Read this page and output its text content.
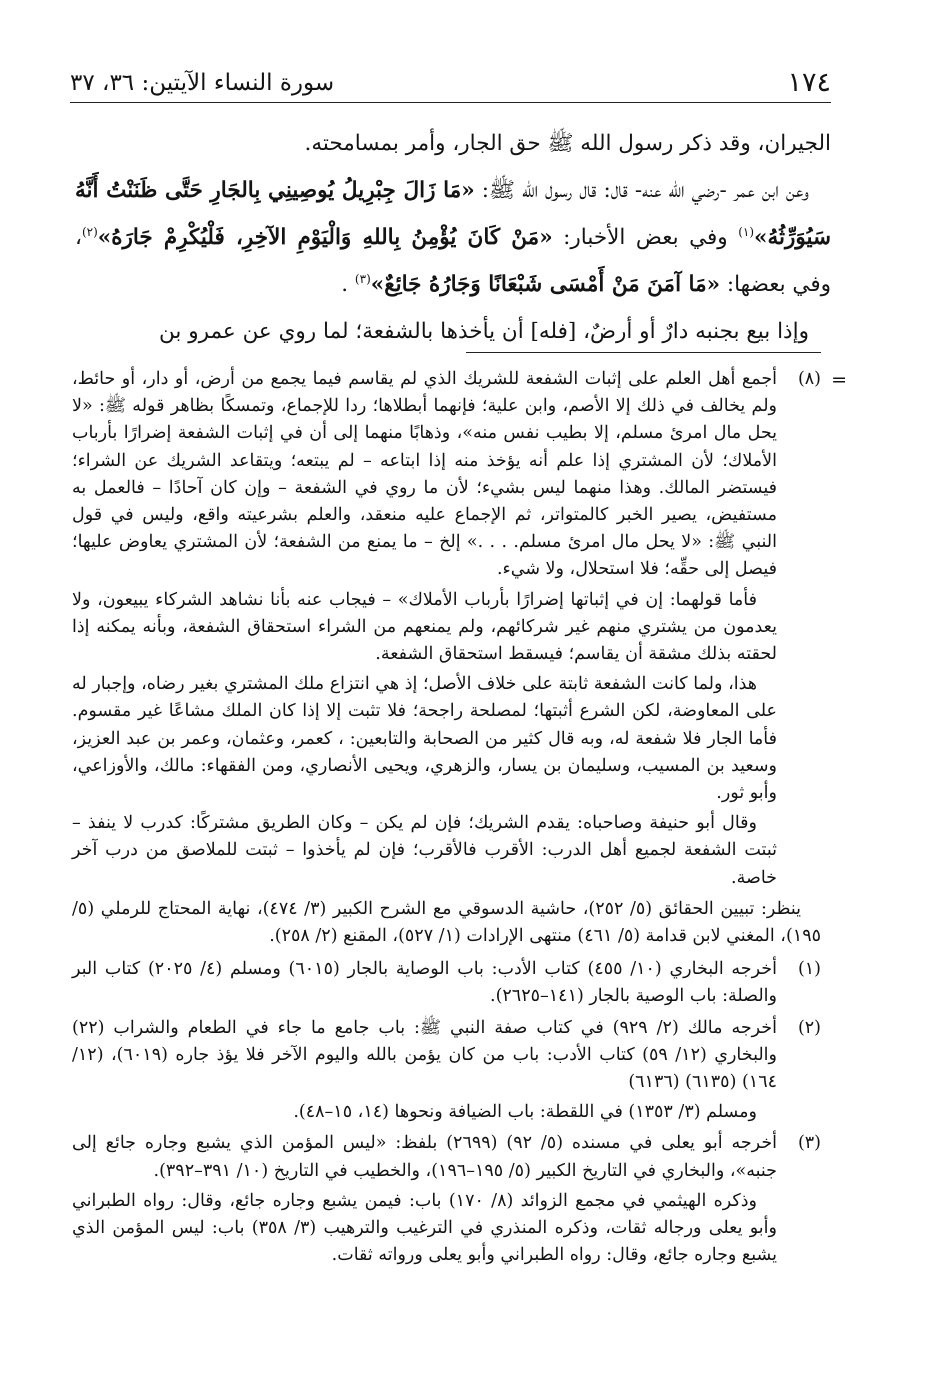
١٧٤
سورة النساء الآيتين: ٣٦، ٣٧

الجيران، وقد ذكر رسول الله ﷺ حق الجار، وأمر بمسامحته.

وعن ابن عمر -رضي الله عنه- قال: قال رسول الله ﷺ: «مَا زَالَ جِبْرِيلُ يُوصِينِي بِالجَارِ حَتَّى ظَنَنْتُ أَنَّهُ سَيُوَرِّثُهُ»$^{(١)}$ وفي بعض الأخبار: «مَنْ كَانَ يُؤْمِنُ بِاللهِ وَالْيَوْمِ الآخِرِ، فَلْيُكْرِمْ جَارَهُ»$^{(٢)}$، وفي بعضها: «مَا آمَنَ مَنْ أَمْسَى شَبْعَانًا وَجَارُهُ جَائِعٌ»$^{(٣)}$ .

وإذا بيع بجنبه دارٌ أو أرضٌ، [فله] أن يأخذها بالشفعة؛ لما روي عن عمرو بن

=
(٨)

أجمع أهل العلم على إثبات الشفعة للشريك الذي لم يقاسم فيما يجمع من أرض، أو دار، أو حائط، ولم يخالف في ذلك إلا الأصم، وابن علية؛ فإنهما أبطلاها؛ ردا للإجماع، وتمسكًا بظاهر قوله ﷺ: «لا يحل مال امرئ مسلم، إلا بطيب نفس منه»، وذهابًا منهما إلى أن في إثبات الشفعة إضرارًا بأرباب الأملاك؛ لأن المشتري إذا علم أنه يؤخذ منه إذا ابتاعه – لم يبتعه؛ ويتقاعد الشريك عن الشراء؛ فيستضر المالك. وهذا منهما ليس بشيء؛ لأن ما روي في الشفعة – وإن كان آحادًا – فالعمل به مستفيض، يصير الخبر كالمتواتر، ثم الإجماع عليه منعقد، والعلم بشرعيته واقع، وليس في قول النبي ﷺ: «لا يحل مال امرئ مسلم. . . .» إلخ – ما يمنع من الشفعة؛ لأن المشتري يعاوض عليها؛ فيصل إلى حقِّه؛ فلا استحلال، ولا شيء.

فأما قولهما: إن في إثباتها إضرارًا بأرباب الأملاك» – فيجاب عنه بأنا نشاهد الشركاء يبيعون، ولا يعدمون من يشتري منهم غير شركائهم، ولم يمنعهم من الشراء استحقاق الشفعة، وبأنه يمكنه إذا لحقته بذلك مشقة أن يقاسم؛ فيسقط استحقاق الشفعة.

هذا، ولما كانت الشفعة ثابتة على خلاف الأصل؛ إذ هي انتزاع ملك المشتري بغير رضاه، وإجبار له على المعاوضة، لكن الشرع أثبتها؛ لمصلحة راجحة؛ فلا تثبت إلا إذا كان الملك مشاعًا غير مقسوم. فأما الجار فلا شفعة له، وبه قال كثير من الصحابة والتابعين: ، كعمر، وعثمان، وعمر بن عبد العزيز، وسعيد بن المسيب، وسليمان بن يسار، والزهري، ويحيى الأنصاري، ومن الفقهاء: مالك، والأوزاعي، وأبو ثور.

وقال أبو حنيفة وصاحباه: يقدم الشريك؛ فإن لم يكن – وكان الطريق مشتركًا: كدرب لا ينفذ – ثبتت الشفعة لجميع أهل الدرب: الأقرب فالأقرب؛ فإن لم يأخذوا – ثبتت للملاصق من درب آخر خاصة.

ينظر: تبيين الحقائق (٥/ ٢٥٢)، حاشية الدسوقي مع الشرح الكبير (٣/ ٤٧٤)، نهاية المحتاج للرملي (٥/ ١٩٥)، المغني لابن قدامة (٥/ ٤٦١) منتهى الإرادات (١/ ٥٢٧)، المقنع (٢/ ٢٥٨).

(١)

أخرجه البخاري (١٠/ ٤٥٥) كتاب الأدب: باب الوصاية بالجار (٦٠١٥) ومسلم (٤/ ٢٠٢٥) كتاب البر والصلة: باب الوصية بالجار (١٤١–٢٦٢٥).

(٢)

أخرجه مالك (٢/ ٩٢٩) في كتاب صفة النبي ﷺ: باب جامع ما جاء في الطعام والشراب (٢٢) والبخاري (١٢/ ٥٩) كتاب الأدب: باب من كان يؤمن بالله واليوم الآخر فلا يؤذ جاره (٦٠١٩)، (١٢/ ١٦٤) (٦١٣٥) (٦١٣٦)

ومسلم (٣/ ١٣٥٣) في اللقطة: باب الضيافة ونحوها (١٤، ١٥–٤٨).

(٣)

أخرجه أبو يعلى في مسنده (٥/ ٩٢) (٢٦٩٩) بلفظ: «ليس المؤمن الذي يشبع وجاره جائع إلى جنبه»، والبخاري في التاريخ الكبير (٥/ ١٩٥–١٩٦)، والخطيب في التاريخ (١٠/ ٣٩١–٣٩٢).

وذكره الهيثمي في مجمع الزوائد (٨/ ١٧٠) باب: فيمن يشبع وجاره جائع، وقال: رواه الطبراني وأبو يعلى ورجاله ثقات، وذكره المنذري في الترغيب والترهيب (٣/ ٣٥٨) باب: ليس المؤمن الذي يشبع وجاره جائع، وقال: رواه الطبراني وأبو يعلى ورواته ثقات.
